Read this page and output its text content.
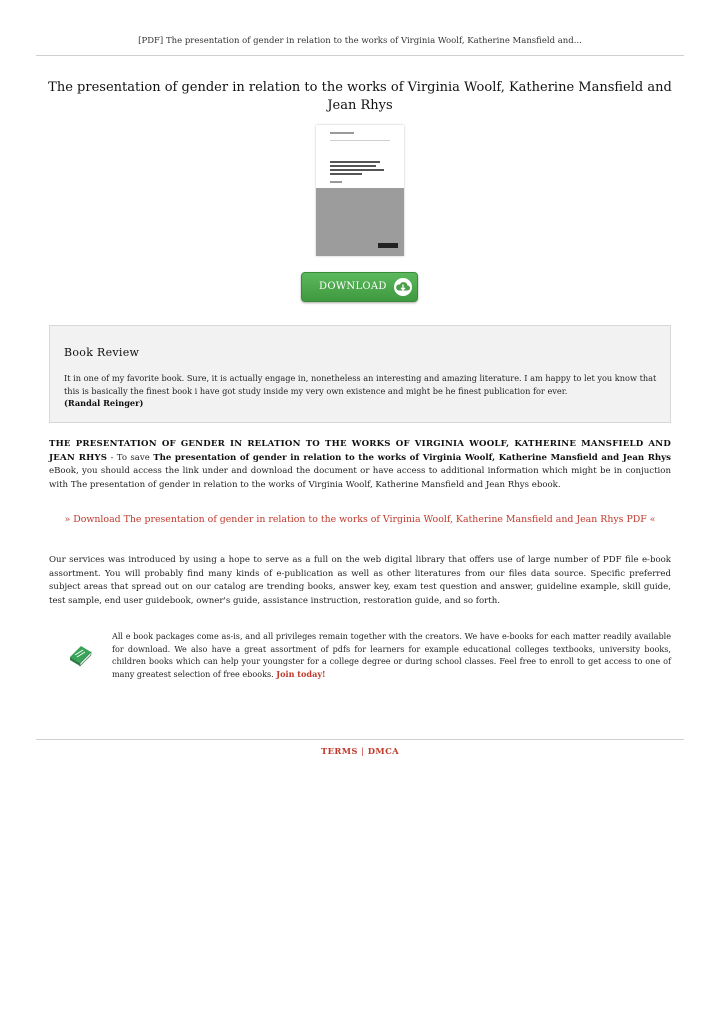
[PDF] The presentation of gender in relation to the works of Virginia Woolf, Katherine Mansfield and...
The presentation of gender in relation to the works of Virginia Woolf, Katherine Mansfield and Jean Rhys
DOWNLOAD
Book Review
It in one of my favorite book. Sure, it is actually engage in, nonetheless an interesting and amazing literature. I am happy to let you know that this is basically the finest book i have got study inside my very own existence and might be he finest publication for ever.
(Randal Reinger)
THE PRESENTATION OF GENDER IN RELATION TO THE WORKS OF VIRGINIA WOOLF, KATHERINE MANSFIELD AND JEAN RHYS - To save The presentation of gender in relation to the works of Virginia Woolf, Katherine Mansfield and Jean Rhys eBook, you should access the link under and download the document or have access to additional information which might be in conjuction with The presentation of gender in relation to the works of Virginia Woolf, Katherine Mansfield and Jean Rhys ebook.
» Download The presentation of gender in relation to the works of Virginia Woolf, Katherine Mansfield and Jean Rhys PDF «
Our services was introduced by using a hope to serve as a full on the web digital library that offers use of large number of PDF file e-book assortment. You will probably find many kinds of e-publication as well as other literatures from our files data source. Specific preferred subject areas that spread out on our catalog are trending books, answer key, exam test question and answer, guideline example, skill guide, test sample, end user guidebook, owner's guide, assistance instruction, restoration guide, and so forth.
All e book packages come as-is, and all privileges remain together with the creators. We have e-books for each matter readily available for download. We also have a great assortment of pdfs for learners for example educational colleges textbooks, university books, children books which can help your youngster for a college degree or during school classes. Feel free to enroll to get access to one of many greatest selection of free ebooks. Join today!
TERMS | DMCA
